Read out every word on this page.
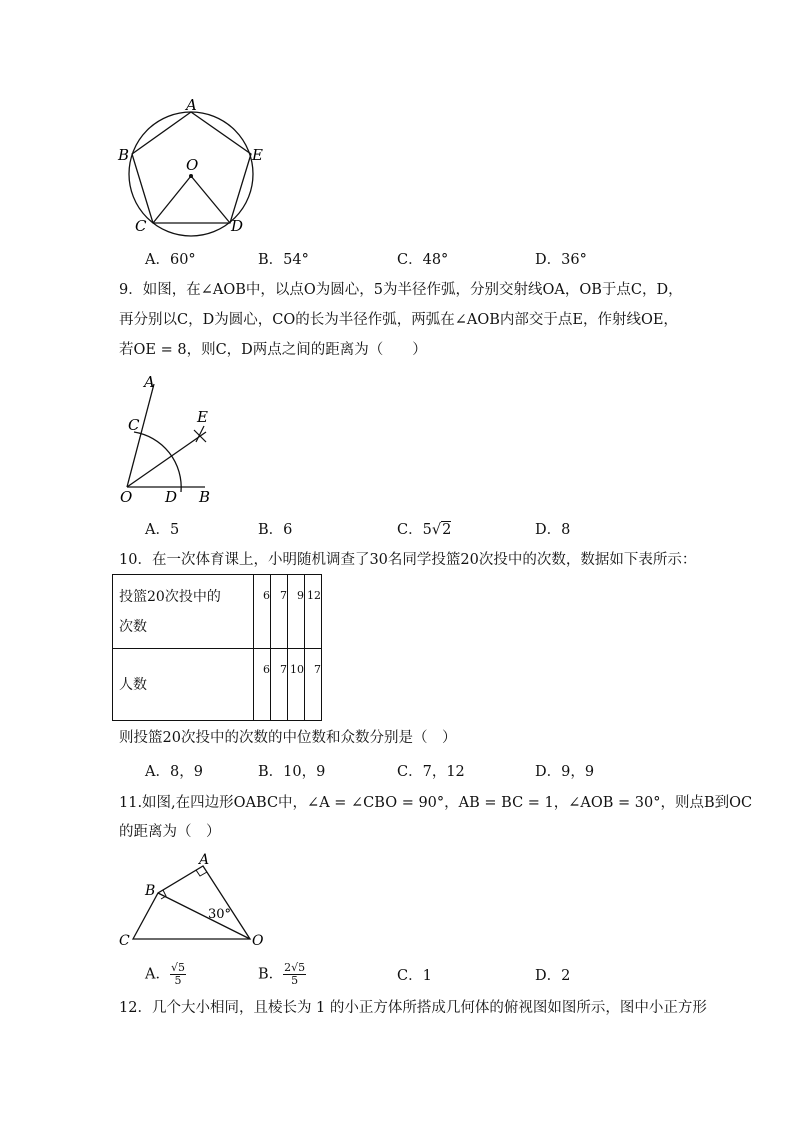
A
B	E
O
C	D
A．60°	B．54°	C．48°	D．36°
9．如图，在∠AOB中，以点O为圆心，5为半径作弧，分别交射线OA，OB于点C，D，
再分别以C，D为圆心，CO的长为半径作弧，两弧在∠AOB内部交于点E，作射线OE，
若OE = 8，则C，D两点之间的距离为（　　）
A
C	E
O D B
A．5	B．6	C．5√2	D．8
10．在一次体育课上，小明随机调查了30名同学投篮20次投中的次数，数据如下表所示：
投篮20次投中的
次数	6	7	9	12

人数	6	7	10	7
则投篮20次投中的次数的中位数和众数分别是（　）
A．8，9	B．10，9	C．7，12	D．9，9
11.如图,在四边形OABC中，∠A = ∠CBO = 90°，AB = BC = 1，∠AOB = 30°，则点B到OC
的距离为（　）
A
B
C	O
30°
A． $\frac{√5}{5}$	B． $\frac{2√5}{5}$	C．1	D．2
12．几个大小相同，且棱长为 1 的小正方体所搭成几何体的俯视图如图所示，图中小正方形
